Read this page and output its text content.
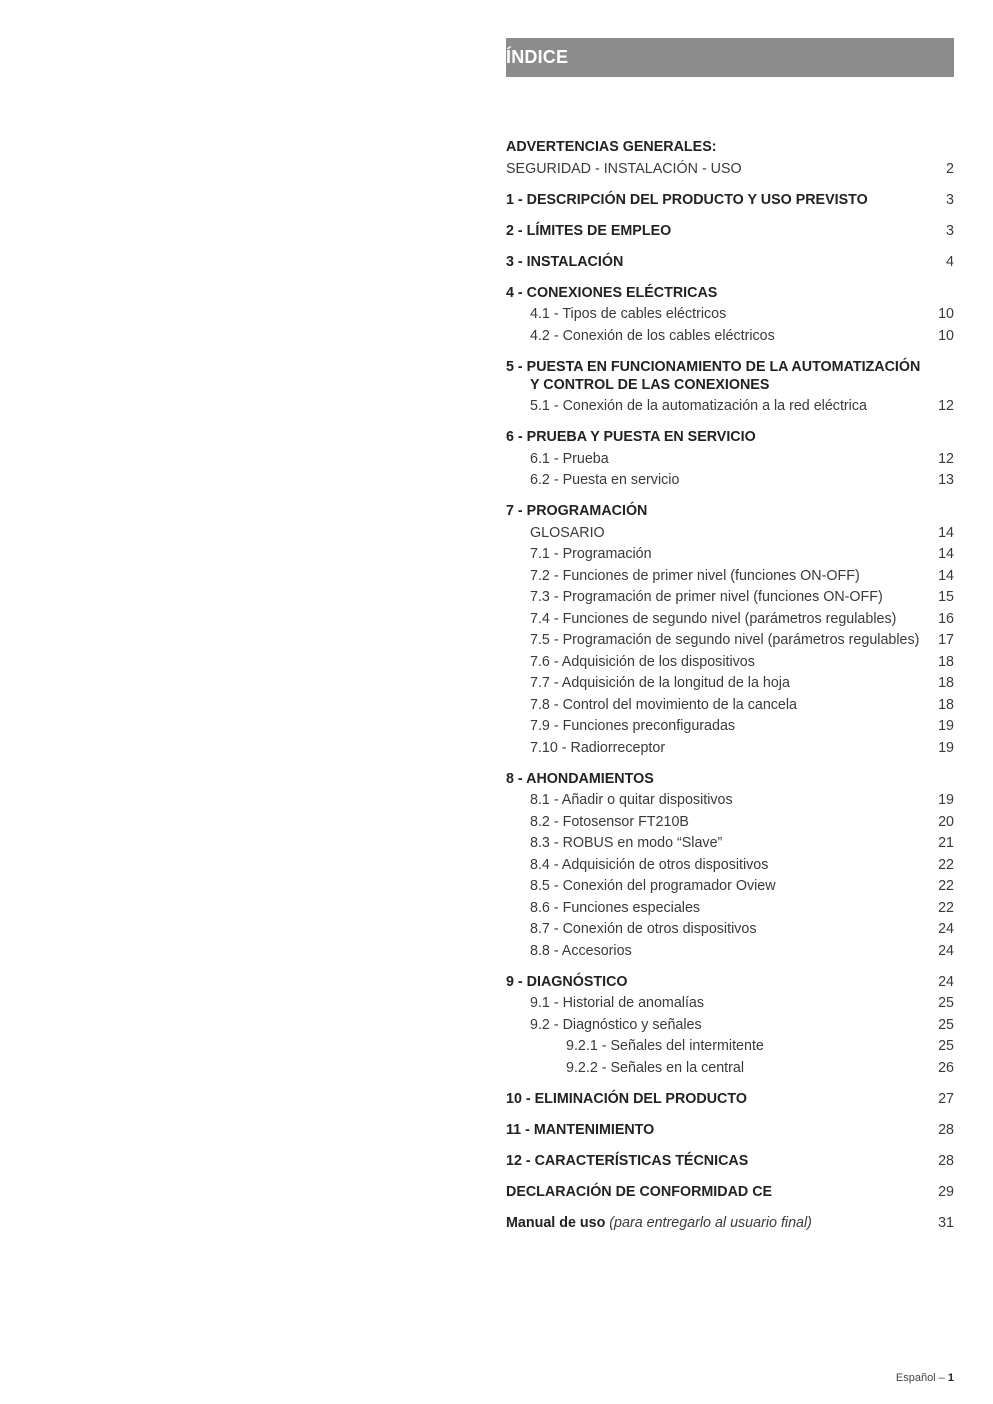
ÍNDICE
ADVERTENCIAS GENERALES:
SEGURIDAD - INSTALACIÓN - USO	2
1 - DESCRIPCIÓN DEL PRODUCTO Y USO PREVISTO	3
2 - LÍMITES DE EMPLEO	3
3 - INSTALACIÓN	4
4 - CONEXIONES ELÉCTRICAS
4.1 - Tipos de cables eléctricos	10
4.2 - Conexión de los cables eléctricos	10
5 - PUESTA EN FUNCIONAMIENTO DE LA AUTOMATIZACIÓN Y CONTROL DE LAS CONEXIONES
5.1 - Conexión de la automatización a la red eléctrica	12
6 - PRUEBA Y PUESTA EN SERVICIO
6.1 - Prueba	12
6.2 - Puesta en servicio	13
7 - PROGRAMACIÓN
GLOSARIO	14
7.1 - Programación	14
7.2 - Funciones de primer nivel (funciones ON-OFF)	14
7.3 - Programación de primer nivel (funciones ON-OFF)	15
7.4 - Funciones de segundo nivel (parámetros regulables)	16
7.5 - Programación de segundo nivel (parámetros regulables)	17
7.6 - Adquisición de los dispositivos	18
7.7 - Adquisición de la longitud de la hoja	18
7.8 - Control del movimiento de la cancela	18
7.9 - Funciones preconfiguradas	19
7.10 - Radiorreceptor	19
8 - AHONDAMIENTOS
8.1 - Añadir o quitar dispositivos	19
8.2 - Fotosensor FT210B	20
8.3 - ROBUS en modo “Slave”	21
8.4 - Adquisición de otros dispositivos	22
8.5 - Conexión del programador Oview	22
8.6 - Funciones especiales	22
8.7 - Conexión de otros dispositivos	24
8.8 - Accesorios	24
9 - DIAGNÓSTICO	24
9.1 - Historial de anomalías	25
9.2 - Diagnóstico y señales	25
9.2.1 - Señales del intermitente	25
9.2.2 - Señales en la central	26
10 - ELIMINACIÓN DEL PRODUCTO	27
11 - MANTENIMIENTO	28
12 - CARACTERÍSTICAS TÉCNICAS	28
DECLARACIÓN DE CONFORMIDAD CE	29
Manual de uso (para entregarlo al usuario final)	31
Español – 1
